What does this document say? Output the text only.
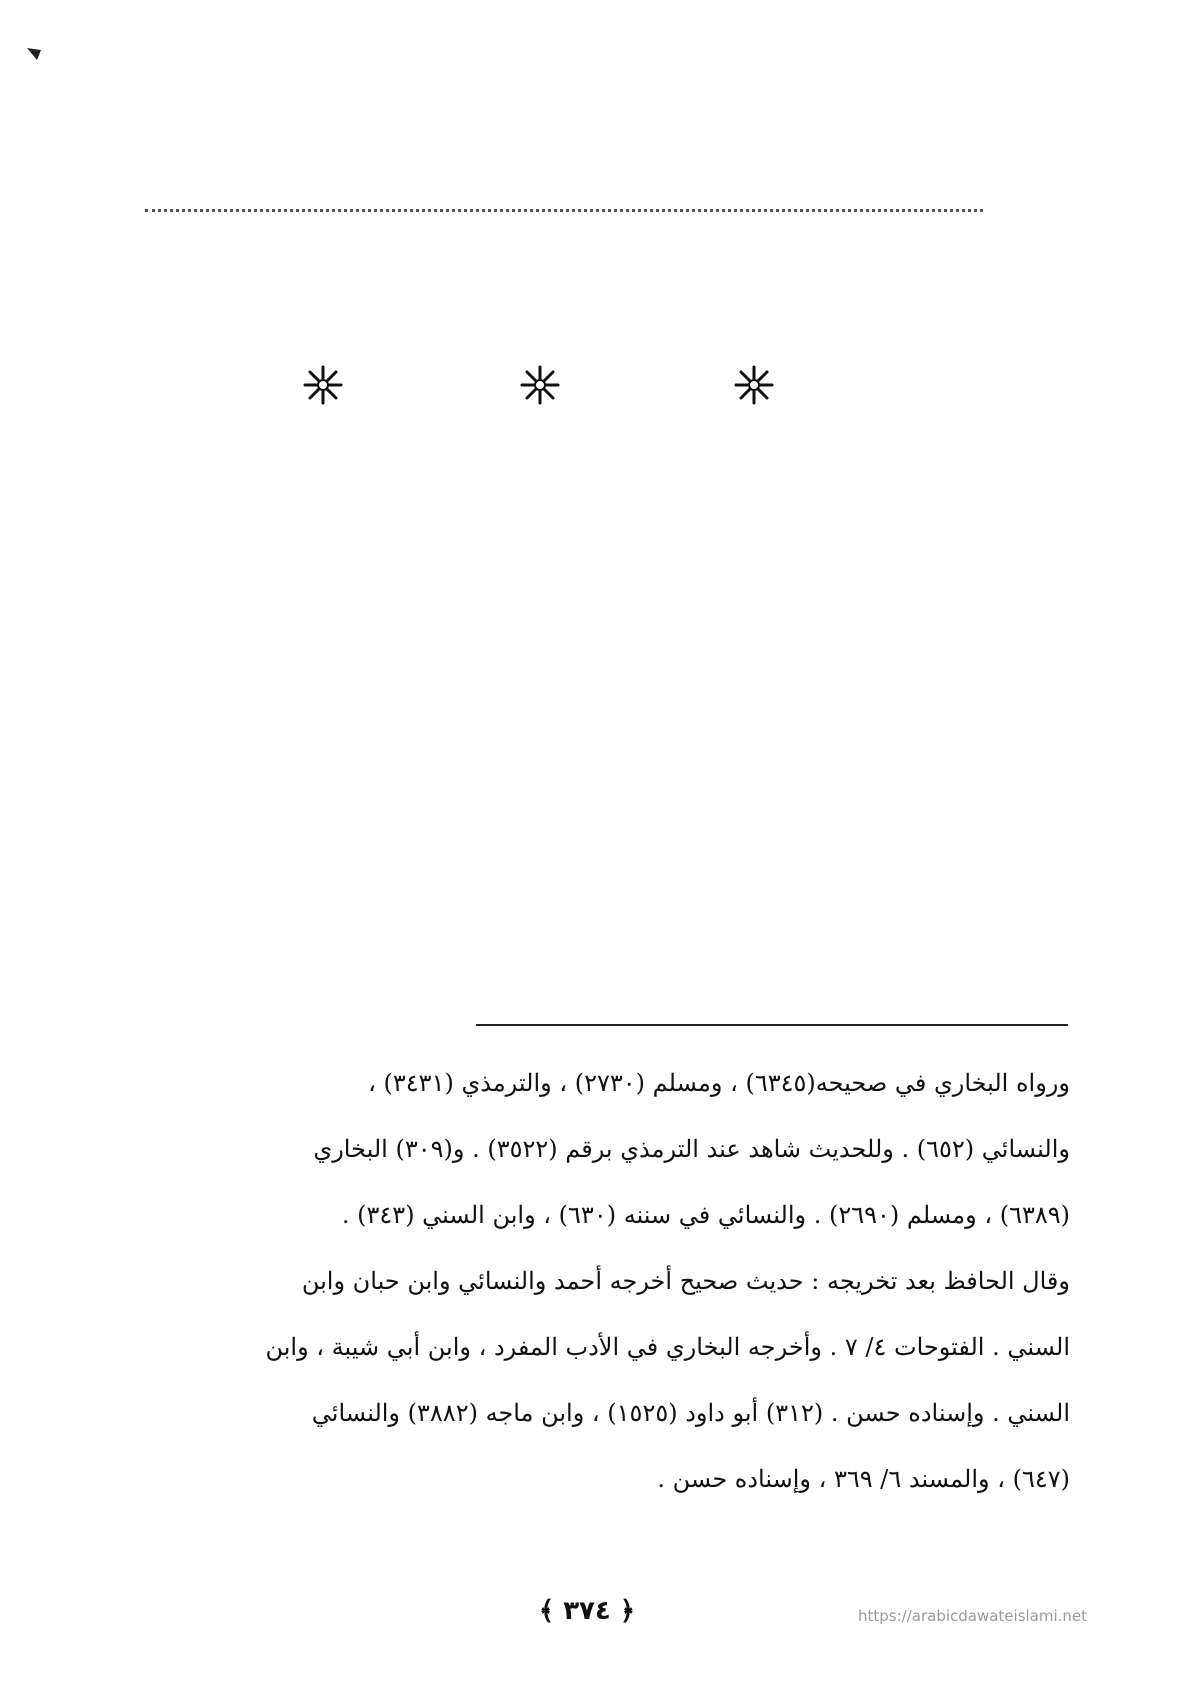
ورواه البخاري في صحيحه(٦٣٤٥) ، ومسلم (٢٧٣٠) ، والترمذي (٣٤٣١) ،
والنسائي (٦٥٢) . وللحديث شاهد عند الترمذي برقم (٣٥٢٢) . و(٣٠٩) البخاري
(٦٣٨٩) ، ومسلم (٢٦٩٠) . والنسائي في سننه (٦٣٠) ، وابن السني (٣٤٣) .
وقال الحافظ بعد تخريجه : حديث صحيح أخرجه أحمد والنسائي وابن حبان وابن
السني . الفتوحات ٤/ ٧ . وأخرجه البخاري في الأدب المفرد ، وابن أبي شيبة ، وابن
السني . وإسناده حسن . (٣١٢) أبو داود (١٥٢٥) ، وابن ماجه (٣٨٨٢) والنسائي
(٦٤٧) ، والمسند ٦/ ٣٦٩ ، وإسناده حسن .
﴿ ٣٧٤ ﴾	https://arabicdawateislami.net
